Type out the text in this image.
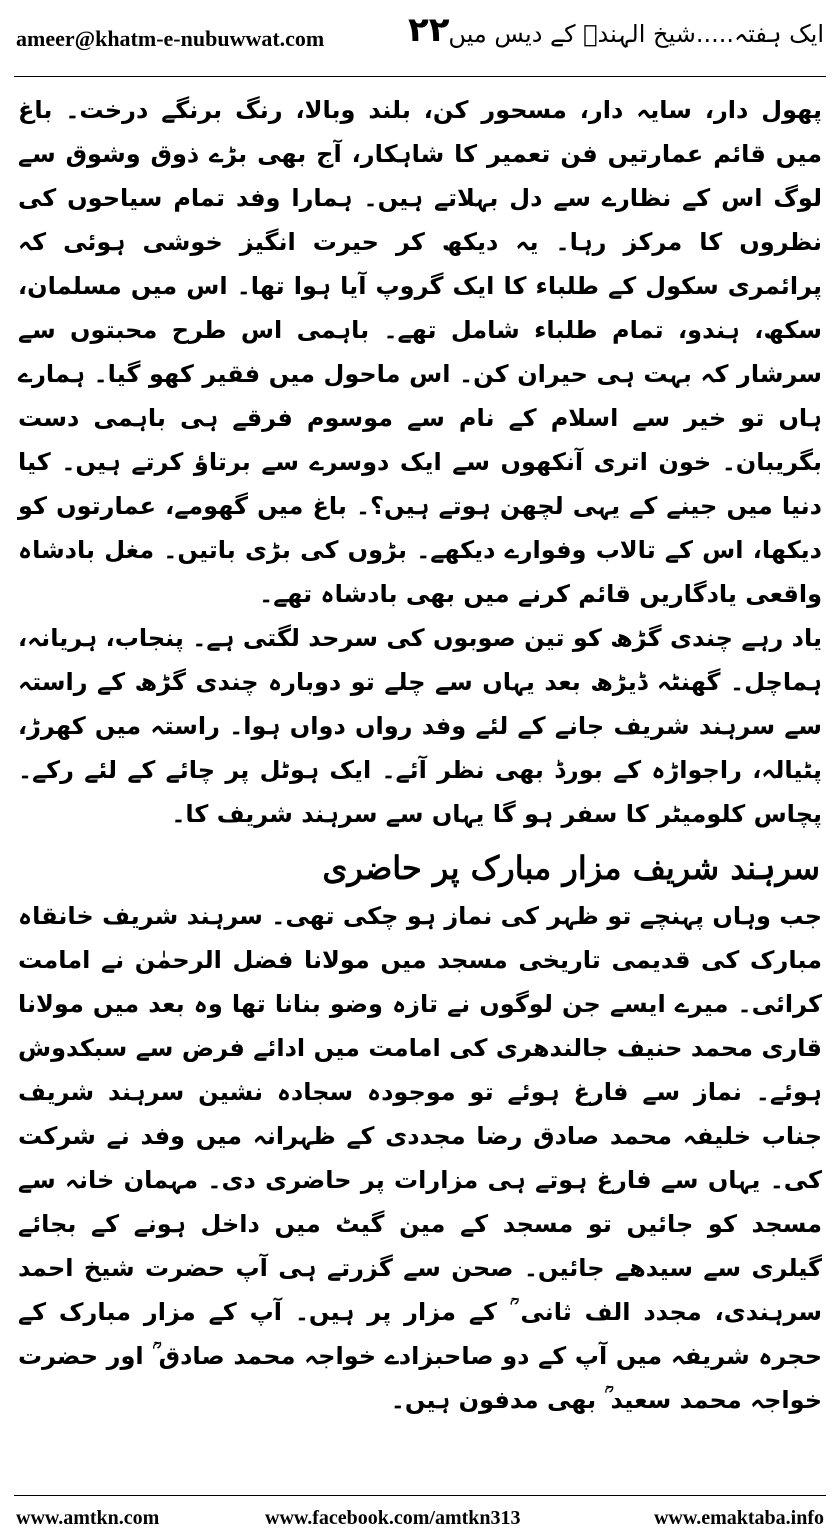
ameer@khatm-e-nubuwwat.com ۲۲
ایک ہفتہ.....شیخ الہندؒ کے دیس میں

پھول دار، سایہ دار، مسحور کن، بلند وبالا، رنگ برنگے درخت۔ باغ میں قائم عمارتیں فن تعمیر کا شاہکار، آج بھی بڑے ذوق وشوق سے لوگ اس کے نظارے سے دل بہلاتے ہیں۔ ہمارا وفد تمام سیاحوں کی نظروں کا مرکز رہا۔ یہ دیکھ کر حیرت انگیز خوشی ہوئی کہ پرائمری سکول کے طلباء کا ایک گروپ آیا ہوا تھا۔ اس میں مسلمان، سکھ، ہندو، تمام طلباء شامل تھے۔ باہمی اس طرح محبتوں سے سرشار کہ بہت ہی حیران کن۔ اس ماحول میں فقیر کھو گیا۔ ہمارے ہاں تو خیر سے اسلام کے نام سے موسوم فرقے ہی باہمی دست بگریبان۔ خون اتری آنکھوں سے ایک دوسرے سے برتاؤ کرتے ہیں۔ کیا دنیا میں جینے کے یہی لچھن ہوتے ہیں؟۔ باغ میں گھومے، عمارتوں کو دیکھا، اس کے تالاب وفوارے دیکھے۔ بڑوں کی بڑی باتیں۔ مغل بادشاہ واقعی یادگاریں قائم کرنے میں بھی بادشاہ تھے۔

یاد رہے چندی گڑھ کو تین صوبوں کی سرحد لگتی ہے۔ پنجاب، ہریانہ، ہماچل۔ گھنٹہ ڈیڑھ بعد یہاں سے چلے تو دوبارہ چندی گڑھ کے راستہ سے سرہند شریف جانے کے لئے وفد رواں دواں ہوا۔ راستہ میں کھرڑ، پٹیالہ، راجواڑہ کے بورڈ بھی نظر آئے۔ ایک ہوٹل پر چائے کے لئے رکے۔ پچاس کلومیٹر کا سفر ہو گا یہاں سے سرہند شریف کا۔

سرہند شریف مزار مبارک پر حاضری

جب وہاں پہنچے تو ظہر کی نماز ہو چکی تھی۔ سرہند شریف خانقاہ مبارک کی قدیمی تاریخی مسجد میں مولانا فضل الرحمٰن نے امامت کرائی۔ میرے ایسے جن لوگوں نے تازہ وضو بنانا تھا وہ بعد میں مولانا قاری محمد حنیف جالندھری کی امامت میں ادائے فرض سے سبکدوش ہوئے۔ نماز سے فارغ ہوئے تو موجودہ سجادہ نشین سرہند شریف جناب خلیفہ محمد صادق رضا مجددی کے ظہرانہ میں وفد نے شرکت کی۔ یہاں سے فارغ ہوتے ہی مزارات پر حاضری دی۔ مہمان خانہ سے مسجد کو جائیں تو مسجد کے مین گیٹ میں داخل ہونے کے بجائے گیلری سے سیدھے جائیں۔ صحن سے گزرتے ہی آپ حضرت شیخ احمد سرہندی، مجدد الف ثانی ؒ کے مزار پر ہیں۔ آپ کے مزار مبارک کے حجرہ شریفہ میں آپ کے دو صاحبزادے خواجہ محمد صادق ؒ اور حضرت خواجہ محمد سعید ؒ بھی مدفون ہیں۔

www.amtkn.com	www.facebook.com/amtkn313	www.emaktaba.info
